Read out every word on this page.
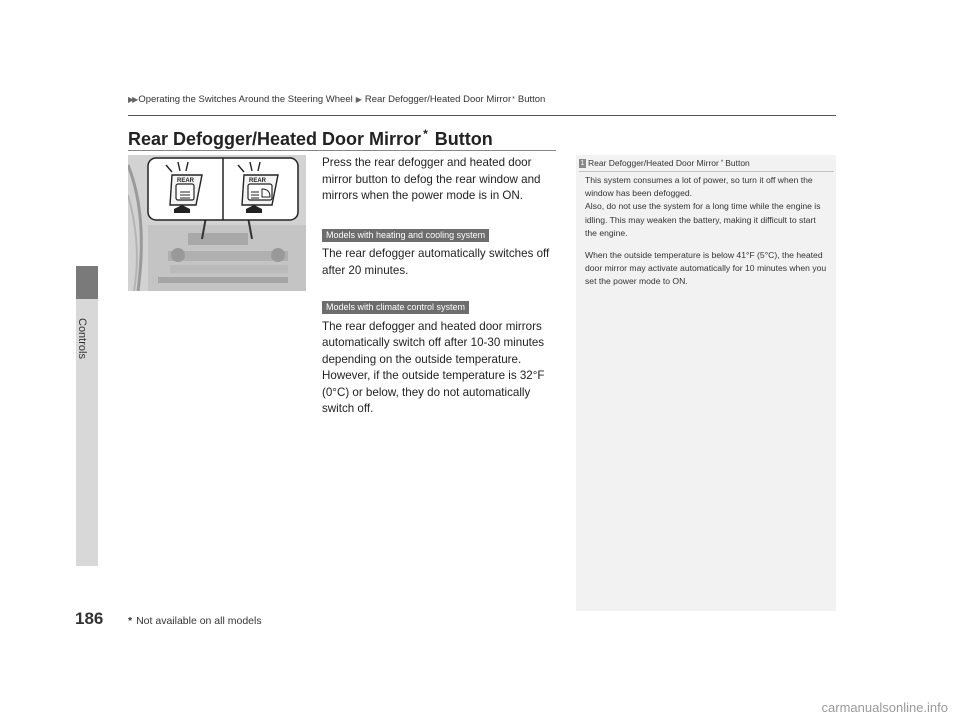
Controls
186
▶▶ Operating the Switches Around the Steering Wheel ▶ Rear Defogger/Heated Door Mirror * Button
Rear Defogger/Heated Door Mirror * Button
REAR	REAR

Press the rear defogger and heated door mirror button to defog the rear window and mirrors when the power mode is in ON.

Models with heating and cooling system

The rear defogger automatically switches off after 20 minutes.

Models with climate control system

The rear defogger and heated door mirrors automatically switch off after 10-30 minutes depending on the outside temperature. However, if the outside temperature is 32°F (0°C) or below, they do not automatically switch off.

1 Rear Defogger/Heated Door Mirror * Button

This system consumes a lot of power, so turn it off when the window has been defogged.

Also, do not use the system for a long time while the engine is idling. This may weaken the battery, making it difficult to start the engine.

When the outside temperature is below 41°F (5°C), the heated door mirror may activate automatically for 10 minutes when you set the power mode to ON.

* Not available on all models
carmanualsonline.info
